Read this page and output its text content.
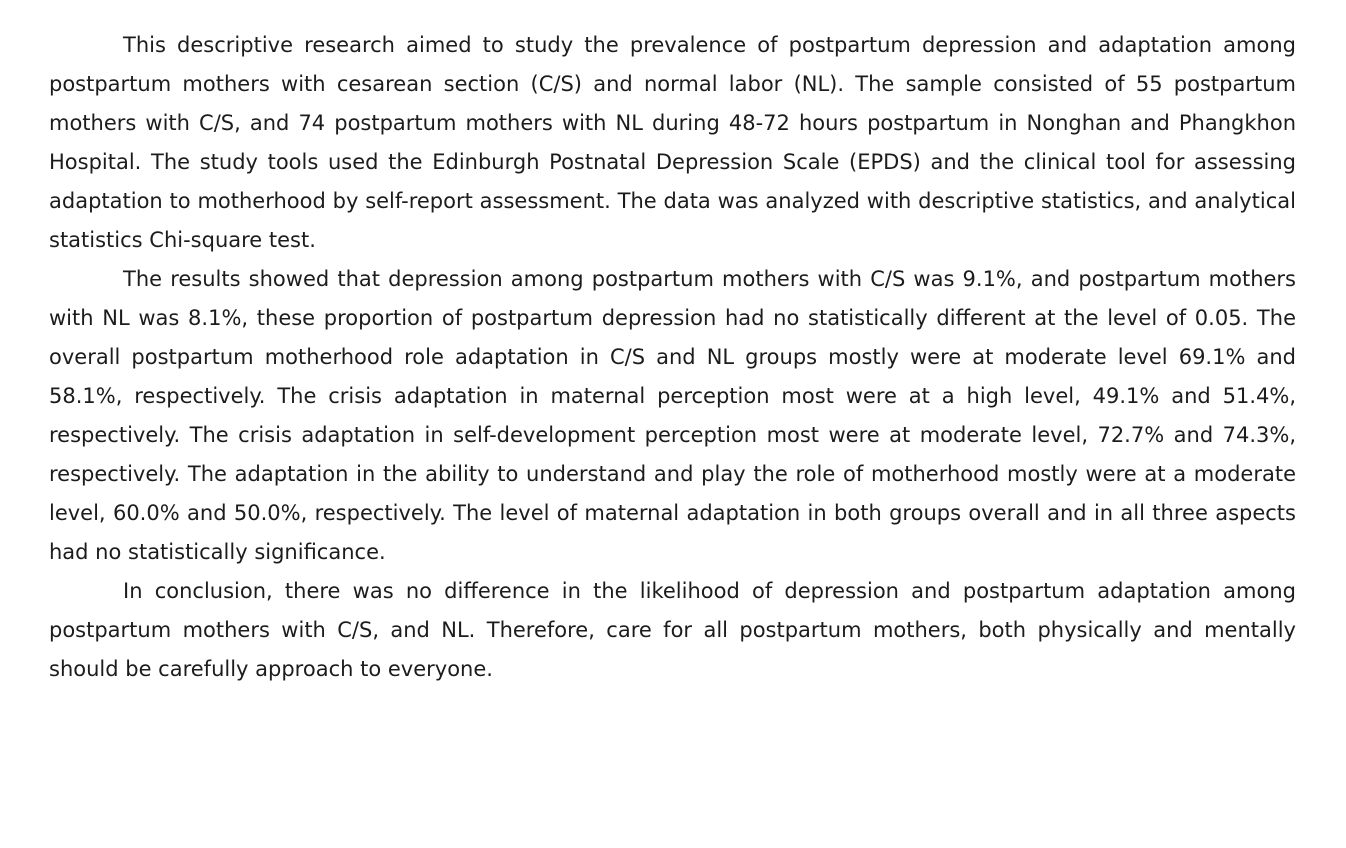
This descriptive research aimed to study the prevalence of postpartum depression and adaptation among postpartum mothers with cesarean section (C/S) and normal labor (NL). The sample consisted of 55 postpartum mothers with C/S, and 74 postpartum mothers with NL during 48-72 hours postpartum in Nonghan and Phangkhon Hospital. The study tools used the Edinburgh Postnatal Depression Scale (EPDS) and the clinical tool for assessing adaptation to motherhood by self-report assessment. The data was analyzed with descriptive statistics, and analytical statistics Chi-square test.

The results showed that depression among postpartum mothers with C/S was 9.1%, and postpartum mothers with NL was 8.1%, these proportion of postpartum depression had no statistically different at the level of 0.05. The overall postpartum motherhood role adaptation in C/S and NL groups mostly were at moderate level 69.1% and 58.1%, respectively. The crisis adaptation in maternal perception most were at a high level, 49.1% and 51.4%, respectively. The crisis adaptation in self-development perception most were at moderate level, 72.7% and 74.3%, respectively. The adaptation in the ability to understand and play the role of motherhood mostly were at a moderate level, 60.0% and 50.0%, respectively. The level of maternal adaptation in both groups overall and in all three aspects had no statistically significance.

In conclusion, there was no difference in the likelihood of depression and postpartum adaptation among postpartum mothers with C/S, and NL. Therefore, care for all postpartum mothers, both physically and mentally should be carefully approach to everyone.
